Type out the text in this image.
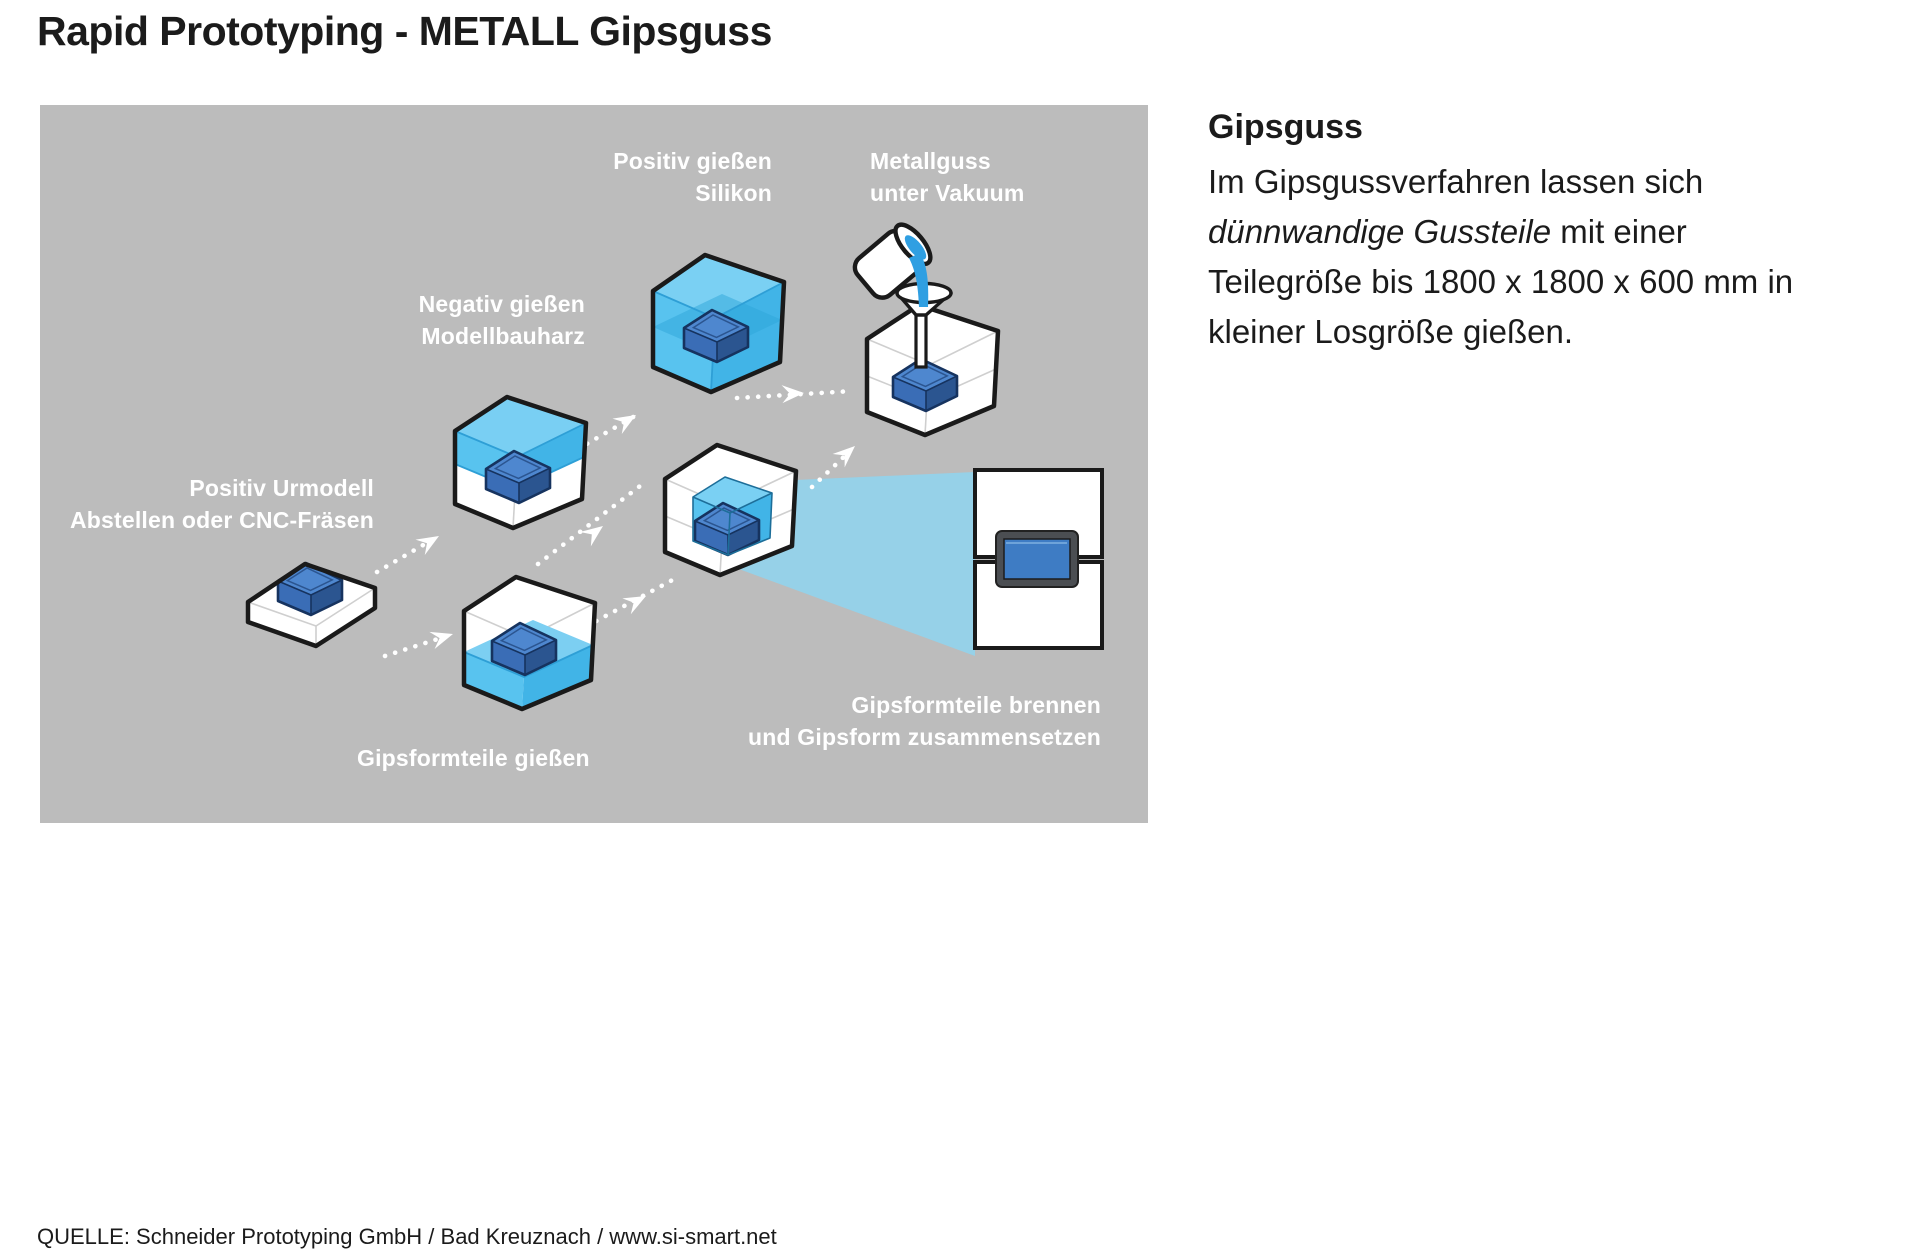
Rapid Prototyping - METALL Gipsguss
Positiv gießen
Silikon
Metallguss
unter Vakuum
Negativ gießen
Modellbauharz
Positiv Urmodell
Abstellen oder CNC-Fräsen
Gipsformteile gießen
Gipsformteile brennen
und Gipsform zusammensetzen
Gipsguss
Im Gipsgussverfahren lassen sich
dünnwandige Gussteile mit einer
Teilegröße bis 1800 x 1800 x 600 mm in
kleiner Losgröße gießen.
QUELLE: Schneider Prototyping GmbH / Bad Kreuznach / www.si-smart.net
